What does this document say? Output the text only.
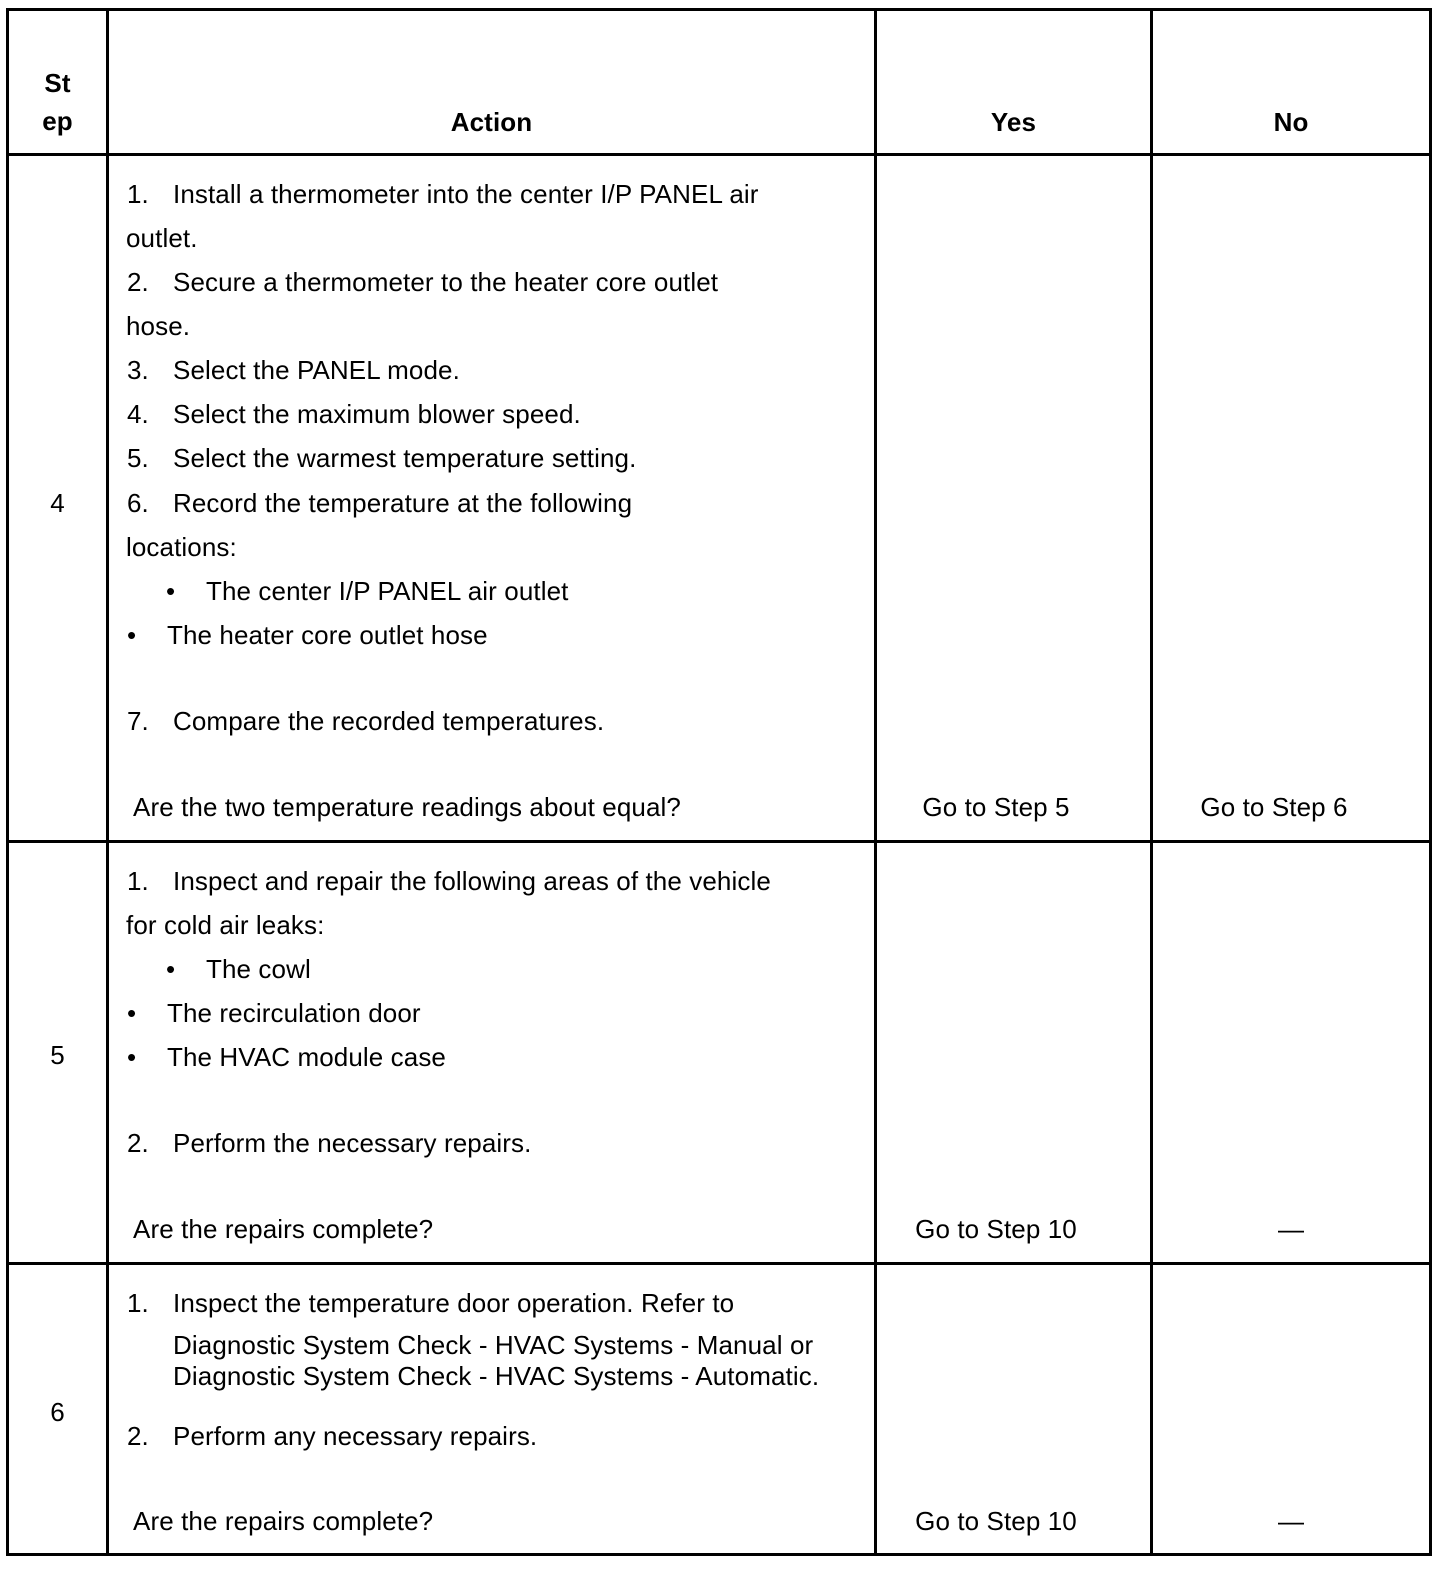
St
ep	Action	Yes	No
4
1. Install a thermometer into the center I/P PANEL air
outlet.
2. Secure a thermometer to the heater core outlet
hose.
3. Select the PANEL mode.
4. Select the maximum blower speed.
5. Select the warmest temperature setting.
6. Record the temperature at the following
locations:
• The center I/P PANEL air outlet
• The heater core outlet hose
7. Compare the recorded temperatures.
Are the two temperature readings about equal?	Go to Step 5	Go to Step 6
5
1. Inspect and repair the following areas of the vehicle
for cold air leaks:
• The cowl
• The recirculation door
• The HVAC module case
2. Perform the necessary repairs.
Are the repairs complete?	Go to Step 10	—
6
1. Inspect the temperature door operation. Refer to
Diagnostic System Check - HVAC Systems - Manual or
Diagnostic System Check - HVAC Systems - Automatic.
2. Perform any necessary repairs.
Are the repairs complete?	Go to Step 10	—
